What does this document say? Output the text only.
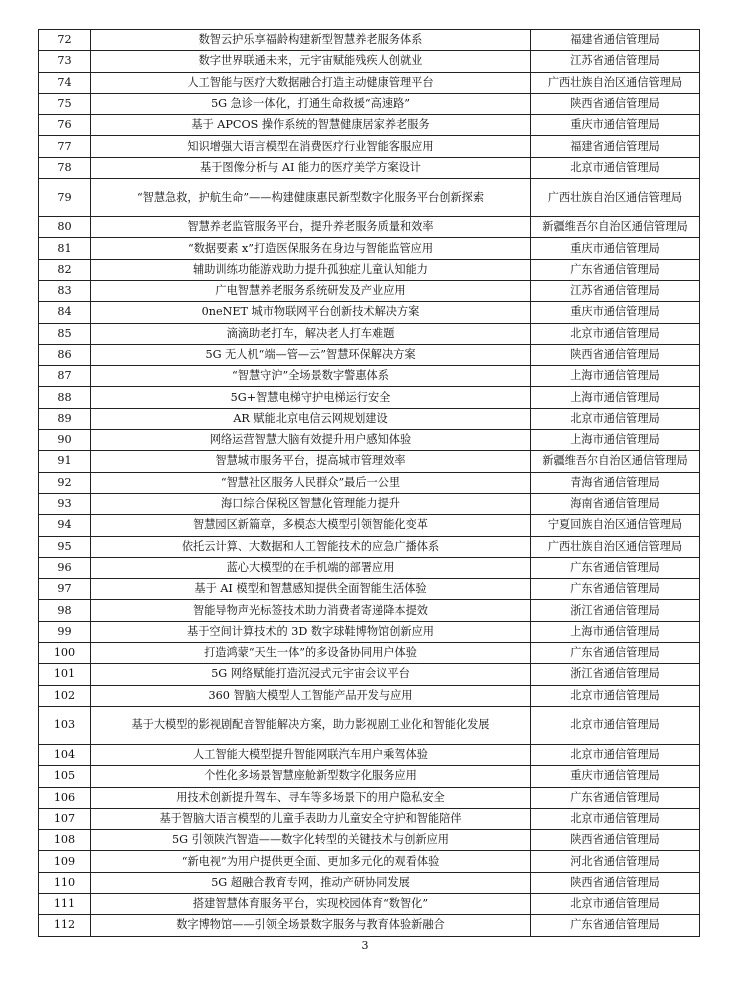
72	数智云护乐享福龄构建新型智慧养老服务体系	福建省通信管理局
73	数字世界联通未来，元宇宙赋能残疾人创就业	江苏省通信管理局
74	人工智能与医疗大数据融合打造主动健康管理平台	广西壮族自治区通信管理局
75	5G 急诊一体化，打通生命救援“高速路”	陕西省通信管理局
76	基于 APCOS 操作系统的智慧健康居家养老服务	重庆市通信管理局
77	知识增强大语言模型在消费医疗行业智能客服应用	福建省通信管理局
78	基于图像分析与 AI 能力的医疗美学方案设计	北京市通信管理局
79	“智慧急救，护航生命”——构建健康惠民新型数字化服务平台创新探索	广西壮族自治区通信管理局
80	智慧养老监管服务平台，提升养老服务质量和效率	新疆维吾尔自治区通信管理局
81	“数据要素 x”打造医保服务在身边与智能监管应用	重庆市通信管理局
82	辅助训练功能游戏助力提升孤独症儿童认知能力	广东省通信管理局
83	广电智慧养老服务系统研发及产业应用	江苏省通信管理局
84	0neNET 城市物联网平台创新技术解决方案	重庆市通信管理局
85	滴滴助老打车，解决老人打车难题	北京市通信管理局
86	5G 无人机“端—管—云”智慧环保解决方案	陕西省通信管理局
87	“智慧守沪”全场景数字警惠体系	上海市通信管理局
88	5G+智慧电梯守护电梯运行安全	上海市通信管理局
89	AR 赋能北京电信云网规划建设	北京市通信管理局
90	网络运营智慧大脑有效提升用户感知体验	上海市通信管理局
91	智慧城市服务平台，提高城市管理效率	新疆维吾尔自治区通信管理局
92	“智慧社区服务人民群众”最后一公里	青海省通信管理局
93	海口综合保税区智慧化管理能力提升	海南省通信管理局
94	智慧园区新篇章，多模态大模型引领智能化变革	宁夏回族自治区通信管理局
95	依托云计算、大数据和人工智能技术的应急广播体系	广西壮族自治区通信管理局
96	蓝心大模型的在手机端的部署应用	广东省通信管理局
97	基于 AI 模型和智慧感知提供全面智能生活体验	广东省通信管理局
98	智能导物声光标签技术助力消费者寄递降本提效	浙江省通信管理局
99	基于空间计算技术的 3D 数字球鞋博物馆创新应用	上海市通信管理局
100	打造鸿蒙“天生一体”的多设备协同用户体验	广东省通信管理局
101	5G 网络赋能打造沉浸式元宇宙会议平台	浙江省通信管理局
102	360 智脑大模型人工智能产品开发与应用	北京市通信管理局
103	基于大模型的影视剧配音智能解决方案，助力影视剧工业化和智能化发展	北京市通信管理局
104	人工智能大模型提升智能网联汽车用户乘驾体验	北京市通信管理局
105	个性化多场景智慧座舱新型数字化服务应用	重庆市通信管理局
106	用技术创新提升驾车、寻车等多场景下的用户隐私安全	广东省通信管理局
107	基于智脑大语言模型的儿童手表助力儿童安全守护和智能陪伴	北京市通信管理局
108	5G 引领陕汽智造——数字化转型的关键技术与创新应用	陕西省通信管理局
109	“新电视”为用户提供更全面、更加多元化的观看体验	河北省通信管理局
110	5G 超融合教育专网，推动产研协同发展	陕西省通信管理局
111	搭建智慧体育服务平台，实现校园体育“数智化”	北京市通信管理局
112	数字博物馆——引领全场景数字服务与教育体验新融合	广东省通信管理局
3
